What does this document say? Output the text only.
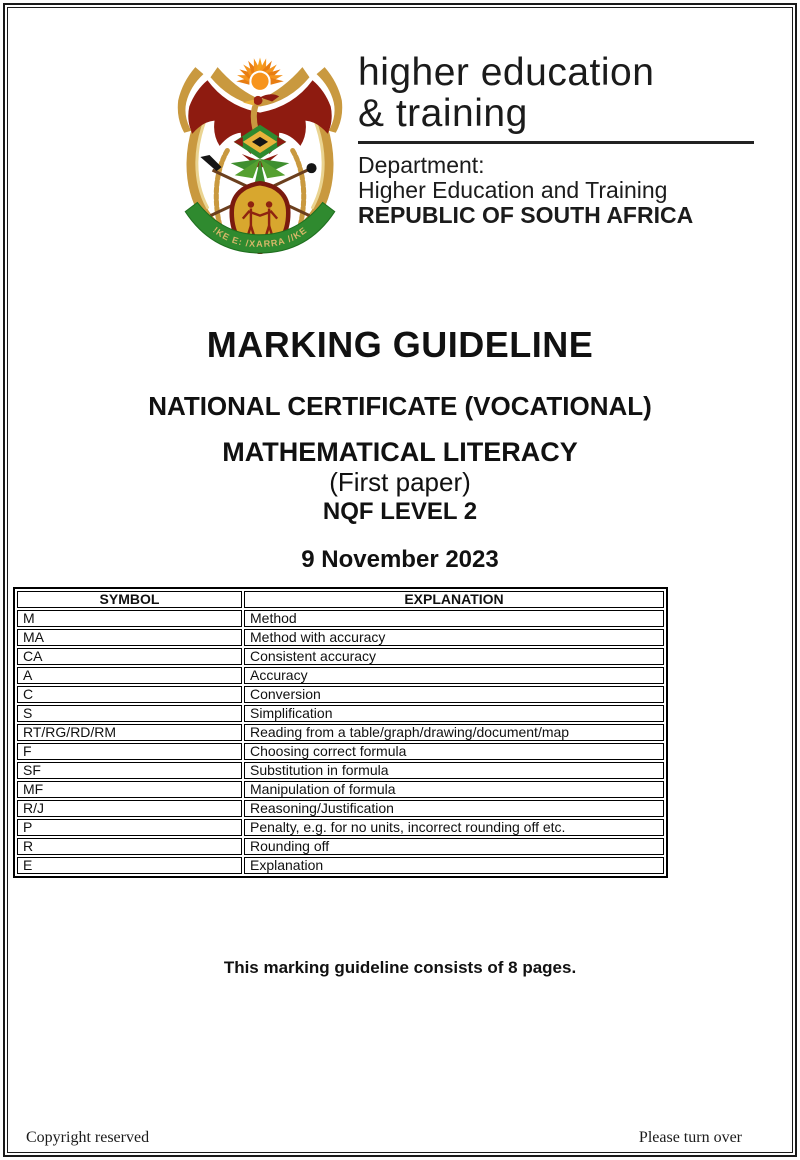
!KE E: /XARRA //KE
higher education
& training
Department:
Higher Education and Training
REPUBLIC OF SOUTH AFRICA
MARKING GUIDELINE
NATIONAL CERTIFICATE (VOCATIONAL)
MATHEMATICAL LITERACY
(First paper)
NQF LEVEL 2
9 November 2023
SYMBOL	EXPLANATION
M	Method
MA	Method with accuracy
CA	Consistent accuracy
A	Accuracy
C	Conversion
S	Simplification
RT/RG/RD/RM	Reading from a table/graph/drawing/document/map
F	Choosing correct formula
SF	Substitution in formula
MF	Manipulation of formula
R/J	Reasoning/Justification
P	Penalty, e.g. for no units, incorrect rounding off etc.
R	Rounding off
E	Explanation
This marking guideline consists of 8 pages.
Copyright reserved	Please turn over
